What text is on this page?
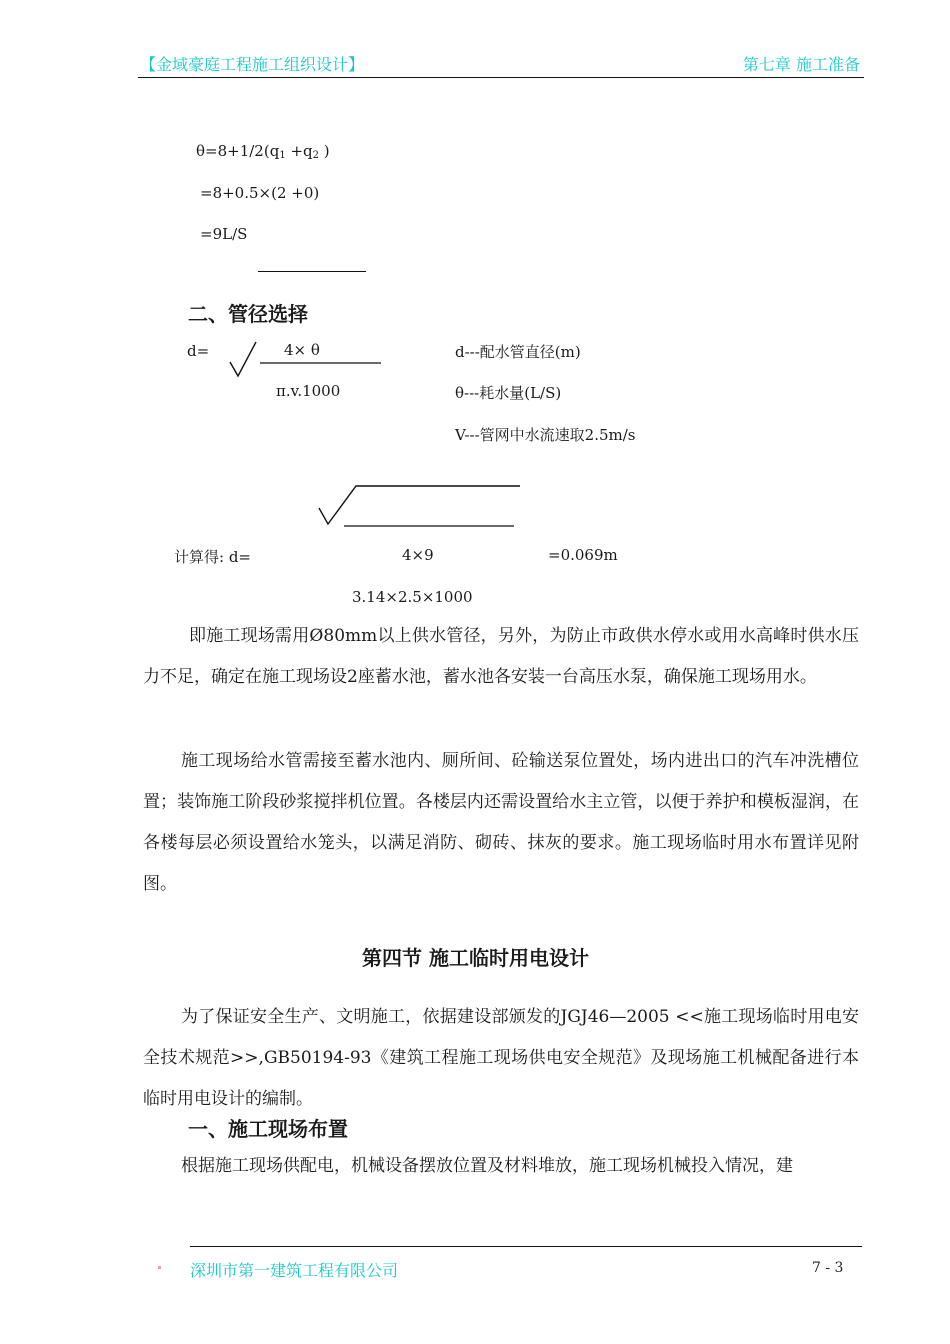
【金域豪庭工程施工组织设计】	第七章 施工准备
$\theta=8+1/2(q_1 +q_2$ )
=8+0.5×(2 +0)
=9L/S
二、管径选择
d=	4× θ
π.v.1000
d---配水管直径(m)
θ---耗水量(L/S)
V---管网中水流速取2.5m/s
计算得: d=	4×9	=0.069m
3.14×2.5×1000
即施工现场需用Ø80mm以上供水管径，另外，为防止市政供水停水或用水高峰时供水压力不足，确定在施工现场设2座蓄水池，蓄水池各安装一台高压水泵，确保施工现场用水。
施工现场给水管需接至蓄水池内、厕所间、砼输送泵位置处，场内进出口的汽车冲洗槽位置；装饰施工阶段砂浆搅拌机位置。各楼层内还需设置给水主立管，以便于养护和模板湿润，在各楼每层必须设置给水笼头，以满足消防、砌砖、抹灰的要求。施工现场临时用水布置详见附图。
第四节 施工临时用电设计
为了保证安全生产、文明施工，依据建设部颁发的JGJ46—2005 <<施工现场临时用电安全技术规范>>,GB50194-93《建筑工程施工现场供电安全规范》及现场施工机械配备进行本临时用电设计的编制。
一、施工现场布置
根据施工现场供配电，机械设备摆放位置及材料堆放，施工现场机械投入情况，建
深圳市第一建筑工程有限公司	7 - 3
